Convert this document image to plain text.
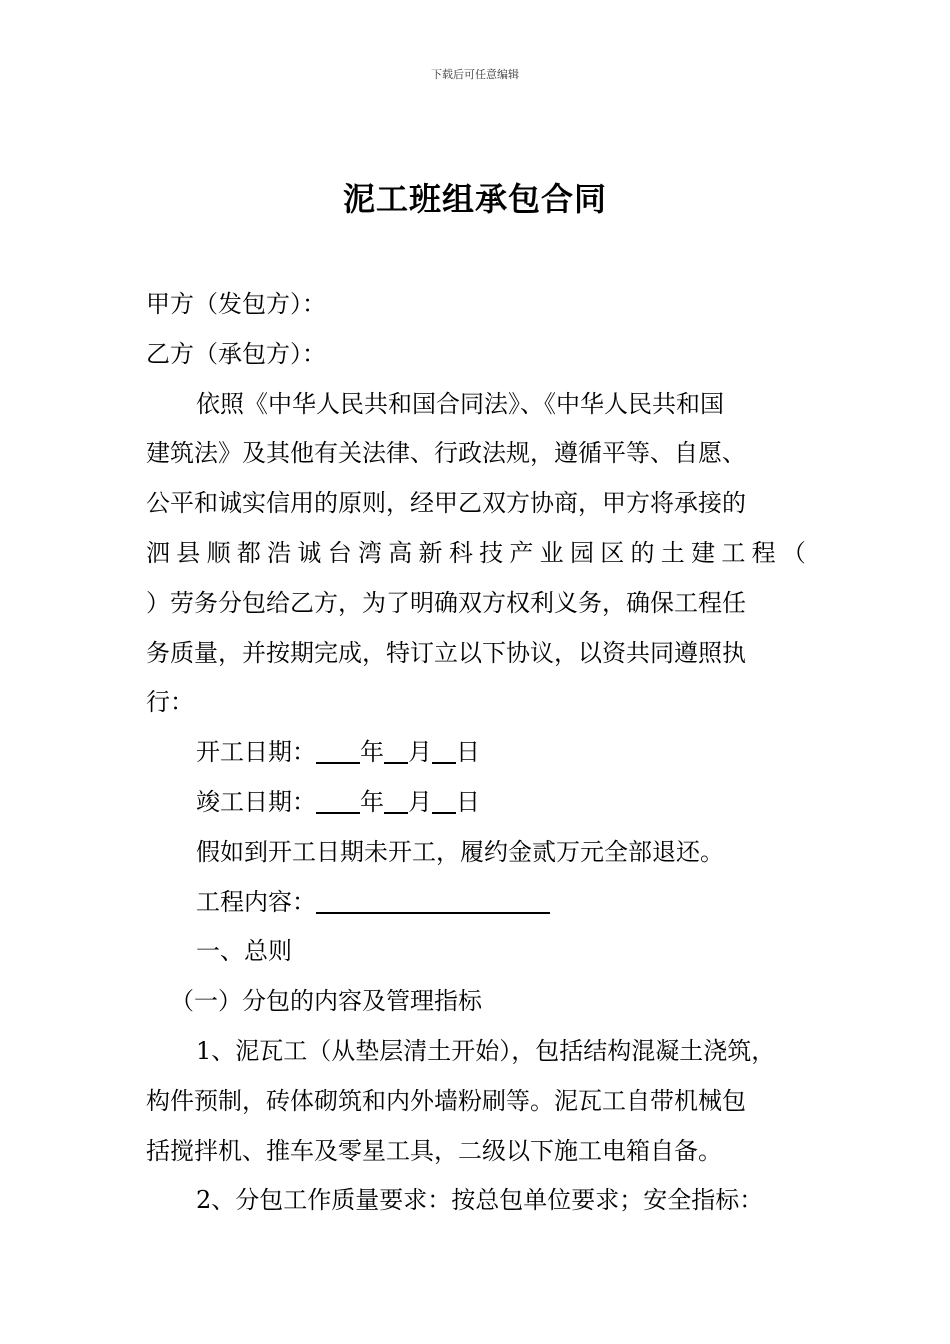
下载后可任意编辑
泥工班组承包合同
甲方（发包方）：
乙方（承包方）：
依照《中华人民共和国合同法》、《中华人民共和国
建筑法》及其他有关法律、行政法规，遵循平等、自愿、
公平和诚实信用的原则，经甲乙双方协商，甲方将承接的
泗 县 顺 都 浩 诚 台 湾 高 新 科 技 产 业 园 区 的 土 建 工 程 （
）劳务分包给乙方，为了明确双方权利义务，确保工程任
务质量，并按期完成，特订立以下协议，以资共同遵照执
行：
开工日期： 年 月 日
竣工日期： 年 月 日
假如到开工日期未开工，履约金贰万元全部退还。
工程内容：
一、总则
（一）分包的内容及管理指标
1、泥瓦工（从垫层清土开始），包括结构混凝土浇筑，
构件预制，砖体砌筑和内外墙粉刷等。泥瓦工自带机械包
括搅拌机、推车及零星工具，二级以下施工电箱自备。
2、分包工作质量要求：按总包单位要求；安全指标：
